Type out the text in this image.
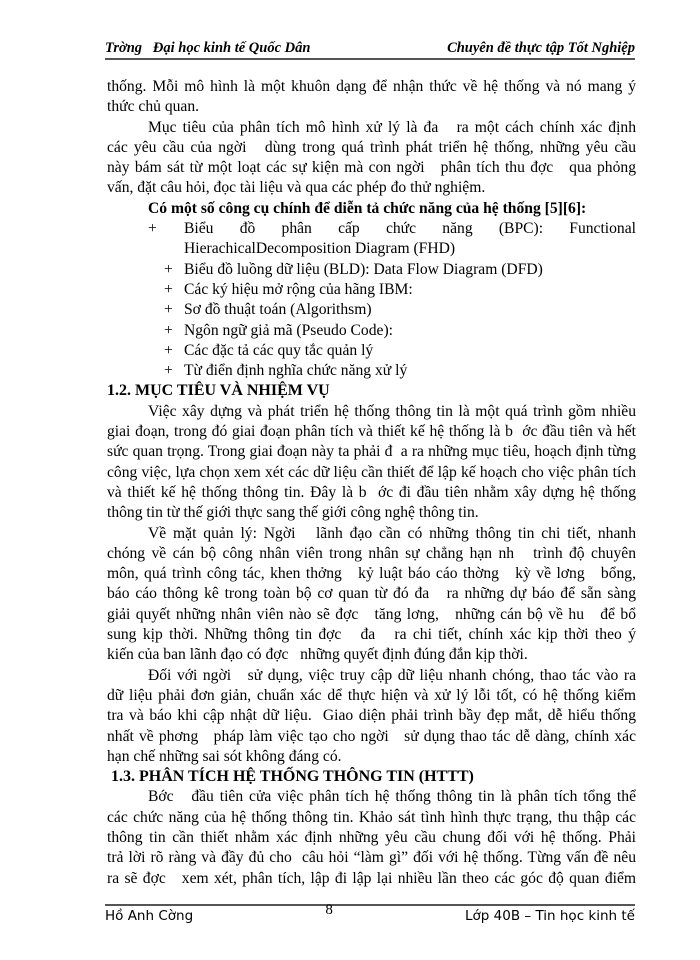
Trờng   Đại học kinh tế Quốc Dân	Chuyên đề thực tập Tốt Nghiệp
thống. Mỗi mô hình là một khuôn dạng để nhận thức về hệ thống và nó mang ý
thức chủ quan.
Mục tiêu của phân tích mô hình xử lý là đa   ra một cách chính xác định
các yêu cầu của ngời   dùng trong quá trình phát triển hệ thống, những yêu cầu
này bám sát từ một loạt các sự kiện mà con ngời   phân tích thu đợc   qua phỏng
vấn, đặt câu hỏi, đọc tài liệu và qua các phép đo thử nghiệm.
Có một số công cụ chính để diễn tả chức năng của hệ thống [5][6]:
+	Biểu đồ phân cấp chức năng (BPC): Functional
HierachicalDecomposition Diagram (FHD)
+ Biểu đồ luồng dữ liệu (BLD): Data Flow Diagram (DFD)
+ Các ký hiệu mở rộng của hãng IBM:
+ Sơ đồ thuật toán (Algorithsm)
+ Ngôn ngữ giả mã (Pseudo Code):
+ Các đặc tả các quy tắc quản lý
+ Từ điển định nghĩa chức năng xử lý
1.2. MỤC TIÊU VÀ NHIỆM VỤ
Việc xây dựng và phát triển hệ thống thông tin là một quá trình gồm nhiều
giai đoạn, trong đó giai đoạn phân tích và thiết kế hệ thống là b  ớc đầu tiên và hết
sức quan trọng. Trong giai đoạn này ta phải đ  a ra những mục tiêu, hoạch định từng
công việc, lựa chọn xem xét các dữ liệu cần thiết để lập kế hoạch cho việc phân tích
và thiết kế hệ thống thông tin. Đây là b  ớc đi đầu tiên nhằm xây dựng hệ thống
thông tin từ thế giới thực sang thế giới công nghệ thông tin.
Về mặt quản lý: Ngời   lãnh đạo cần có những thông tin chi tiết, nhanh
chóng về cán bộ công nhân viên trong nhân sự chẳng hạn nh   trình độ chuyên
môn, quá trình công tác, khen thởng   kỷ luật báo cáo thờng   kỳ về lơng   bổng,
báo cáo thông kê trong toàn bộ cơ quan từ đó đa   ra những dự báo để sẵn sàng
giải quyết những nhân viên nào sẽ đợc   tăng lơng,   những cán bộ về hu   để bổ
sung kịp thời. Những thông tin đợc   đa   ra chi tiết, chính xác kịp thời theo ý
kiến của ban lãnh đạo có đợc   những quyết định đúng đắn kịp thời.
Đối với ngời   sử dụng, việc truy cập dữ liệu nhanh chóng, thao tác vào ra
dữ liệu phải đơn giản, chuẩn xác dể thực hiện và xử lý lỗi tốt, có hệ thống kiểm
tra và báo khi cập nhật dữ liệu.  Giao diện phải trình bầy đẹp mắt, dễ hiểu thống
nhất về phơng   pháp làm việc tạo cho ngời   sử dụng thao tác dễ dàng, chính xác
hạn chế những sai sót không đáng có.
1.3. PHÂN TÍCH HỆ THỐNG THÔNG TIN (HTTT)
Bớc   đầu tiên cửa việc phân tích hệ thống thông tin là phân tích tổng thể
các chức năng của hệ thống thông tin. Khảo sát tình hình thực trạng, thu thập các
thông tin cần thiết nhằm xác định những yêu cầu chung đối với hệ thống. Phải
trả lời rõ ràng và đầy đủ cho  câu hỏi “làm gì” đối với hệ thống. Từng vấn đề nêu
ra sẽ đợc   xem xét, phân tích, lập đi lập lại nhiều lần theo các góc độ quan điểm
Hồ Anh Cờng	8	Lớp 40B – Tin học kinh tế
